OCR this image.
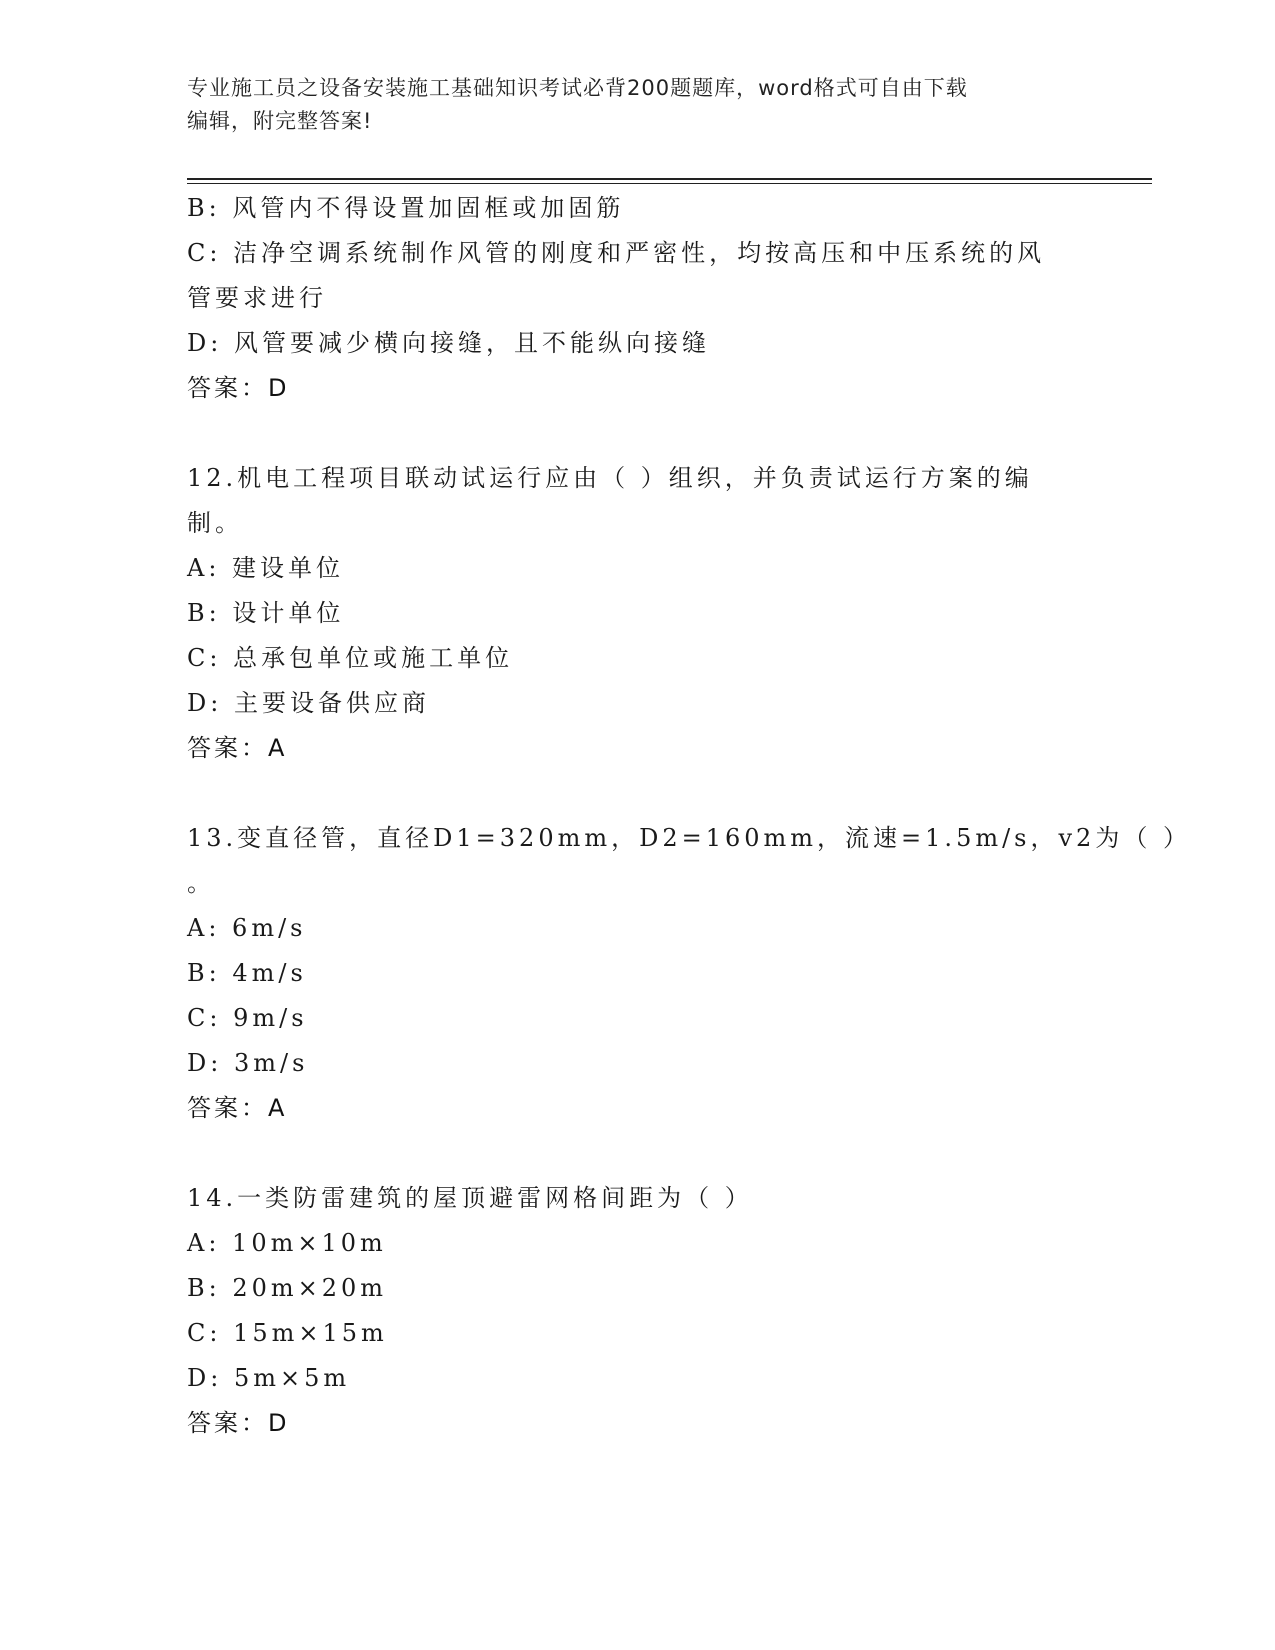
专业施工员之设备安装施工基础知识考试必背200题题库，word格式可自由下载
编辑，附完整答案!
B: 风管内不得设置加固框或加固筋
C: 洁净空调系统制作风管的刚度和严密性，均按高压和中压系统的风
管要求进行
D: 风管要减少横向接缝，且不能纵向接缝
答案：D
12.机电工程项目联动试运行应由（ ）组织，并负责试运行方案的编
制。
A: 建设单位
B: 设计单位
C: 总承包单位或施工单位
D: 主要设备供应商
答案：A
13.变直径管，直径D1=320mm，D2=160mm，流速=1.5m/s，v2为（ ）
。
A: 6m/s
B: 4m/s
C: 9m/s
D: 3m/s
答案：A
14.一类防雷建筑的屋顶避雷网格间距为（ ）
A: 10m×10m
B: 20m×20m
C: 15m×15m
D: 5m×5m
答案：D
